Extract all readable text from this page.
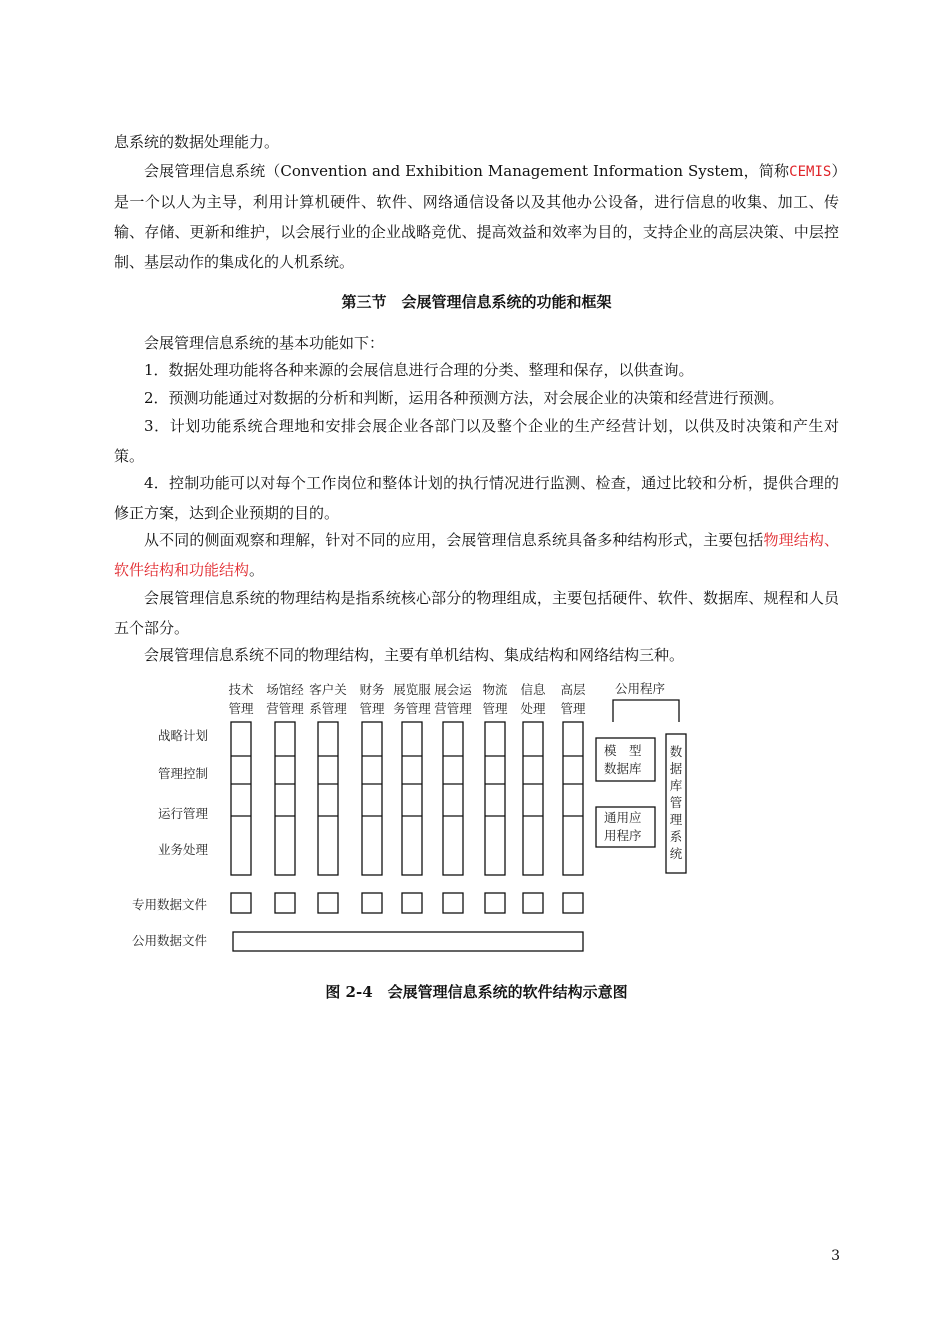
息系统的数据处理能力。

会展管理信息系统（Convention and Exhibition Management Information System，简称CEMIS）是一个以人为主导，利用计算机硬件、软件、网络通信设备以及其他办公设备，进行信息的收集、加工、传输、存储、更新和维护，以会展行业的企业战略竞优、提高效益和效率为目的，支持企业的高层决策、中层控制、基层动作的集成化的人机系统。

第三节　会展管理信息系统的功能和框架

会展管理信息系统的基本功能如下：

1．数据处理功能将各种来源的会展信息进行合理的分类、整理和保存，以供查询。

2．预测功能通过对数据的分析和判断，运用各种预测方法，对会展企业的决策和经营进行预测。

3．计划功能系统合理地和安排会展企业各部门以及整个企业的生产经营计划，以供及时决策和产生对策。

4．控制功能可以对每个工作岗位和整体计划的执行情况进行监测、检查，通过比较和分析，提供合理的修正方案，达到企业预期的目的。

从不同的侧面观察和理解，针对不同的应用，会展管理信息系统具备多种结构形式，主要包括物理结构、软件结构和功能结构。

会展管理信息系统的物理结构是指系统核心部分的物理组成，主要包括硬件、软件、数据库、规程和人员五个部分。

会展管理信息系统不同的物理结构，主要有单机结构、集成结构和网络结构三种。

技术
管理
场馆经
营管理
客户关
系管理
财务
管理
展览服
务管理
展会运
营管理
物流
管理
信息
处理
高层
管理
战略计划
管理控制
运行管理
业务处理
专用数据文件
公用数据文件
公用程序
模　型
数据库
通用应
用程序
数
据
库
管
理
系
统
图 2-4　会展管理信息系统的软件结构示意图
3
